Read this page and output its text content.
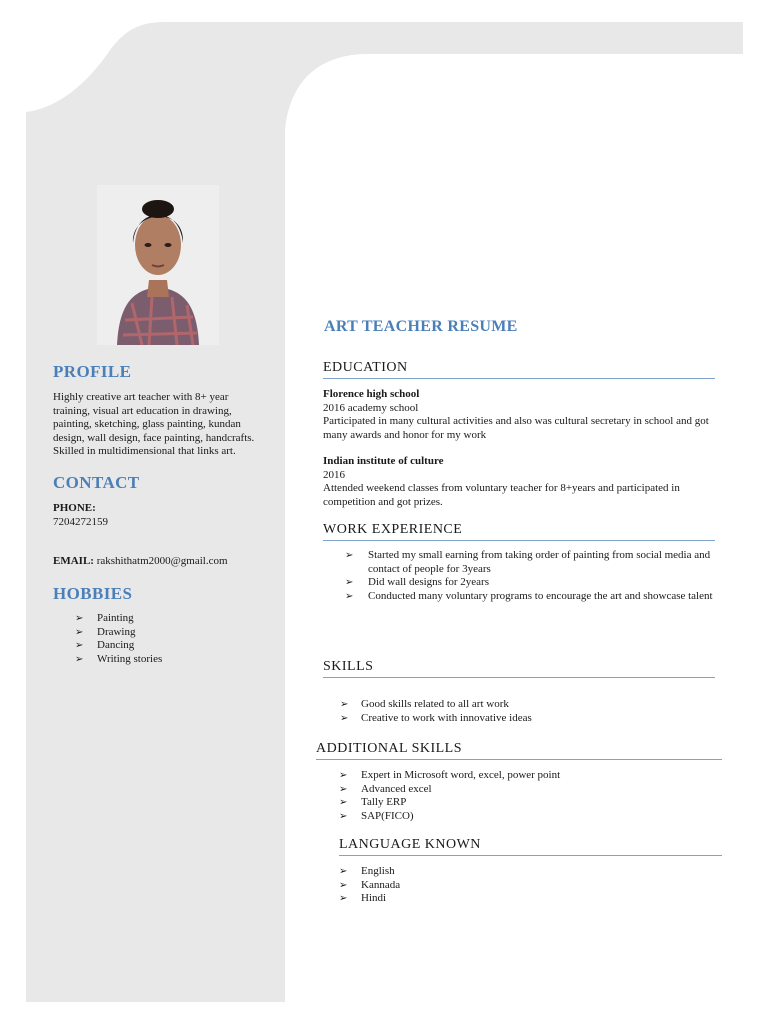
PROFILE
Highly creative art teacher with 8+ year training, visual art education in drawing, painting, sketching, glass painting, kundan design, wall design, face painting, handcrafts. Skilled in multidimensional that links art.
CONTACT
PHONE:
7204272159
EMAIL: rakshithatm2000@gmail.com
HOBBIES
➢ Painting
➢ Drawing
➢ Dancing
➢ Writing stories
ART TEACHER RESUME
EDUCATION
Florence high school
2016 academy school
Participated in many cultural activities and also was cultural secretary in school and got many awards and honor for my work
Indian institute of culture
2016
Attended weekend classes from voluntary teacher for 8+years and participated in competition and got prizes.
WORK EXPERIENCE
➢ Started my small earning from taking order of painting from social media and contact of people for 3years
➢ Did wall designs for 2years
➢ Conducted many voluntary programs to encourage the art and showcase talent
SKILLS
➢ Good skills related to all art work
➢ Creative to work with innovative ideas
ADDITIONAL SKILLS
➢ Expert in Microsoft word, excel, power point
➢ Advanced excel
➢ Tally ERP
➢ SAP(FICO)
LANGUAGE KNOWN
➢ English
➢ Kannada
➢ Hindi
